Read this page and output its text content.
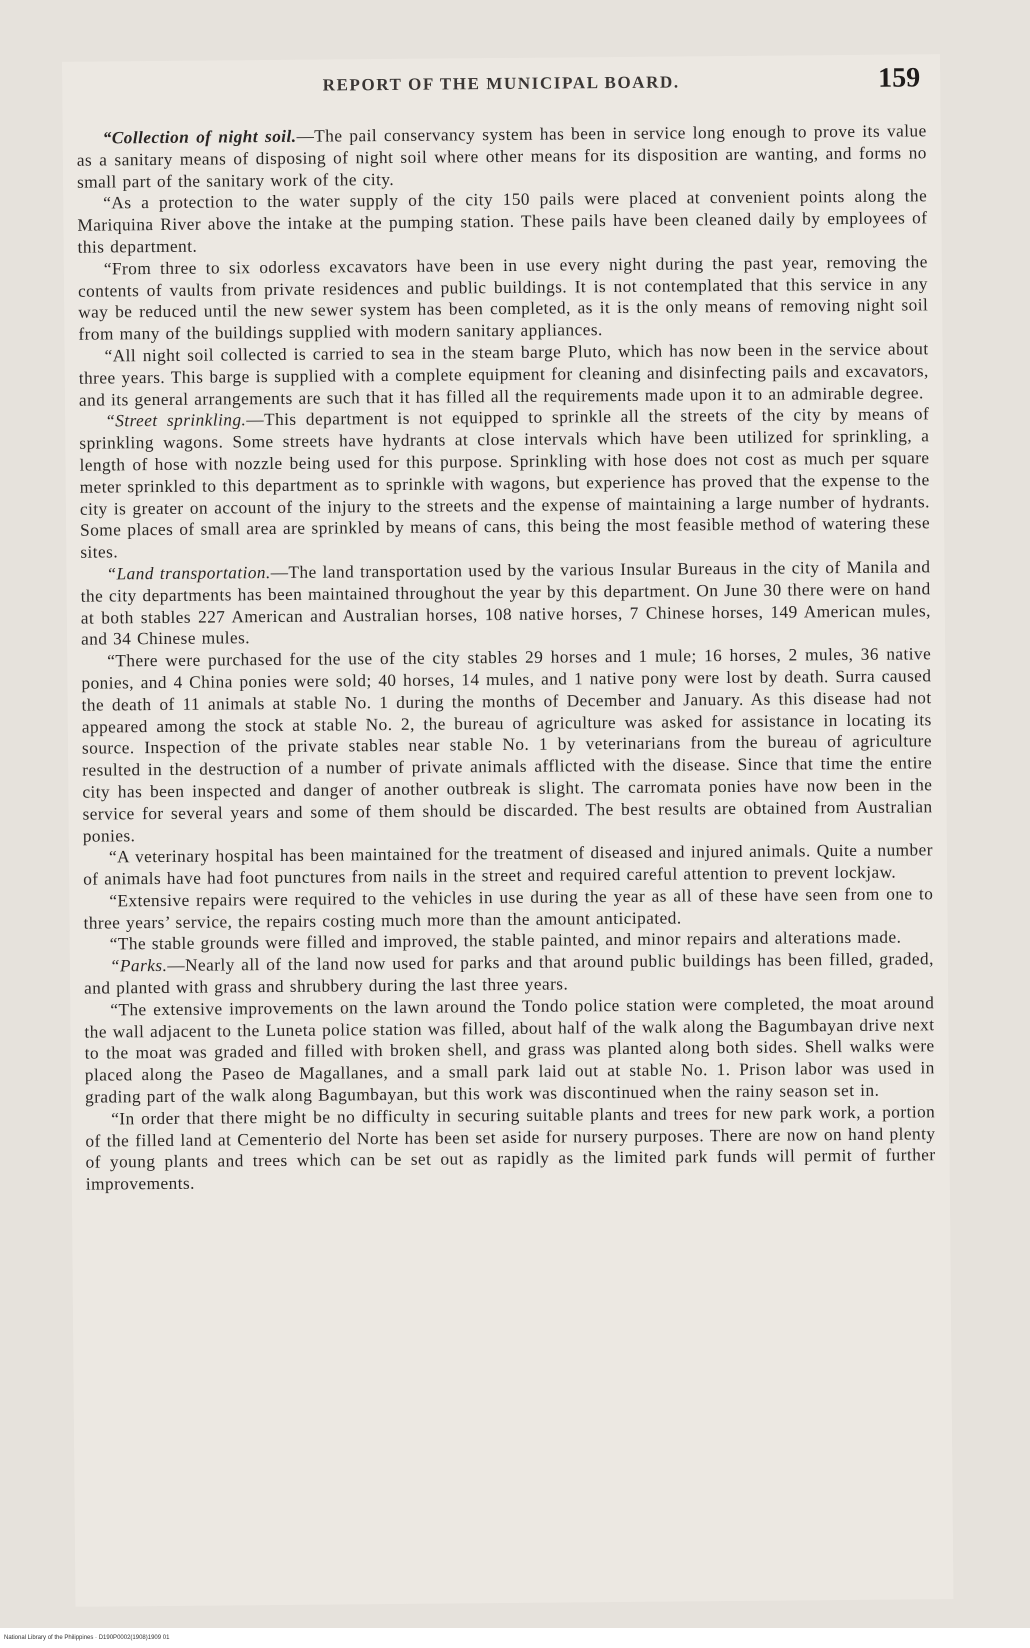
REPORT OF THE MUNICIPAL BOARD.	159

“Collection of night soil.—The pail conservancy system has been in service long enough to prove its value as a sanitary means of disposing of night soil where other means for its disposition are wanting, and forms no small part of the sanitary work of the city.

“As a protection to the water supply of the city 150 pails were placed at convenient points along the Mariquina River above the intake at the pumping station. These pails have been cleaned daily by employees of this department.

“From three to six odorless excavators have been in use every night during the past year, removing the contents of vaults from private residences and public buildings. It is not contemplated that this service in any way be reduced until the new sewer system has been completed, as it is the only means of removing night soil from many of the buildings supplied with modern sanitary appliances.

“All night soil collected is carried to sea in the steam barge Pluto, which has now been in the service about three years. This barge is supplied with a complete equipment for cleaning and disinfecting pails and excavators, and its general arrangements are such that it has filled all the requirements made upon it to an admirable degree.

“Street sprinkling.—This department is not equipped to sprinkle all the streets of the city by means of sprinkling wagons. Some streets have hydrants at close intervals which have been utilized for sprinkling, a length of hose with nozzle being used for this purpose. Sprinkling with hose does not cost as much per square meter sprinkled to this department as to sprinkle with wagons, but experience has proved that the expense to the city is greater on account of the injury to the streets and the expense of maintaining a large number of hydrants. Some places of small area are sprinkled by means of cans, this being the most feasible method of watering these sites.

“Land transportation.—The land transportation used by the various Insular Bureaus in the city of Manila and the city departments has been maintained throughout the year by this department. On June 30 there were on hand at both stables 227 American and Australian horses, 108 native horses, 7 Chinese horses, 149 American mules, and 34 Chinese mules.

“There were purchased for the use of the city stables 29 horses and 1 mule; 16 horses, 2 mules, 36 native ponies, and 4 China ponies were sold; 40 horses, 14 mules, and 1 native pony were lost by death. Surra caused the death of 11 animals at stable No. 1 during the months of December and January. As this disease had not appeared among the stock at stable No. 2, the bureau of agriculture was asked for assistance in locating its source. Inspection of the private stables near stable No. 1 by veterinarians from the bureau of agriculture resulted in the destruction of a number of private animals afflicted with the disease. Since that time the entire city has been inspected and danger of another outbreak is slight. The carromata ponies have now been in the service for several years and some of them should be discarded. The best results are obtained from Australian ponies.

“A veterinary hospital has been maintained for the treatment of diseased and injured animals. Quite a number of animals have had foot punctures from nails in the street and required careful attention to prevent lockjaw.

“Extensive repairs were required to the vehicles in use during the year as all of these have seen from one to three years’ service, the repairs costing much more than the amount anticipated.

“The stable grounds were filled and improved, the stable painted, and minor repairs and alterations made.

“Parks.—Nearly all of the land now used for parks and that around public buildings has been filled, graded, and planted with grass and shrubbery during the last three years.

“The extensive improvements on the lawn around the Tondo police station were completed, the moat around the wall adjacent to the Luneta police station was filled, about half of the walk along the Bagumbayan drive next to the moat was graded and filled with broken shell, and grass was planted along both sides. Shell walks were placed along the Paseo de Magallanes, and a small park laid out at stable No. 1. Prison labor was used in grading part of the walk along Bagumbayan, but this work was discontinued when the rainy season set in.

“In order that there might be no difficulty in securing suitable plants and trees for new park work, a portion of the filled land at Cementerio del Norte has been set aside for nursery purposes. There are now on hand plenty of young plants and trees which can be set out as rapidly as the limited park funds will permit of further improvements.

National Library of the Philippines · D190P0002(1908)1909 01
